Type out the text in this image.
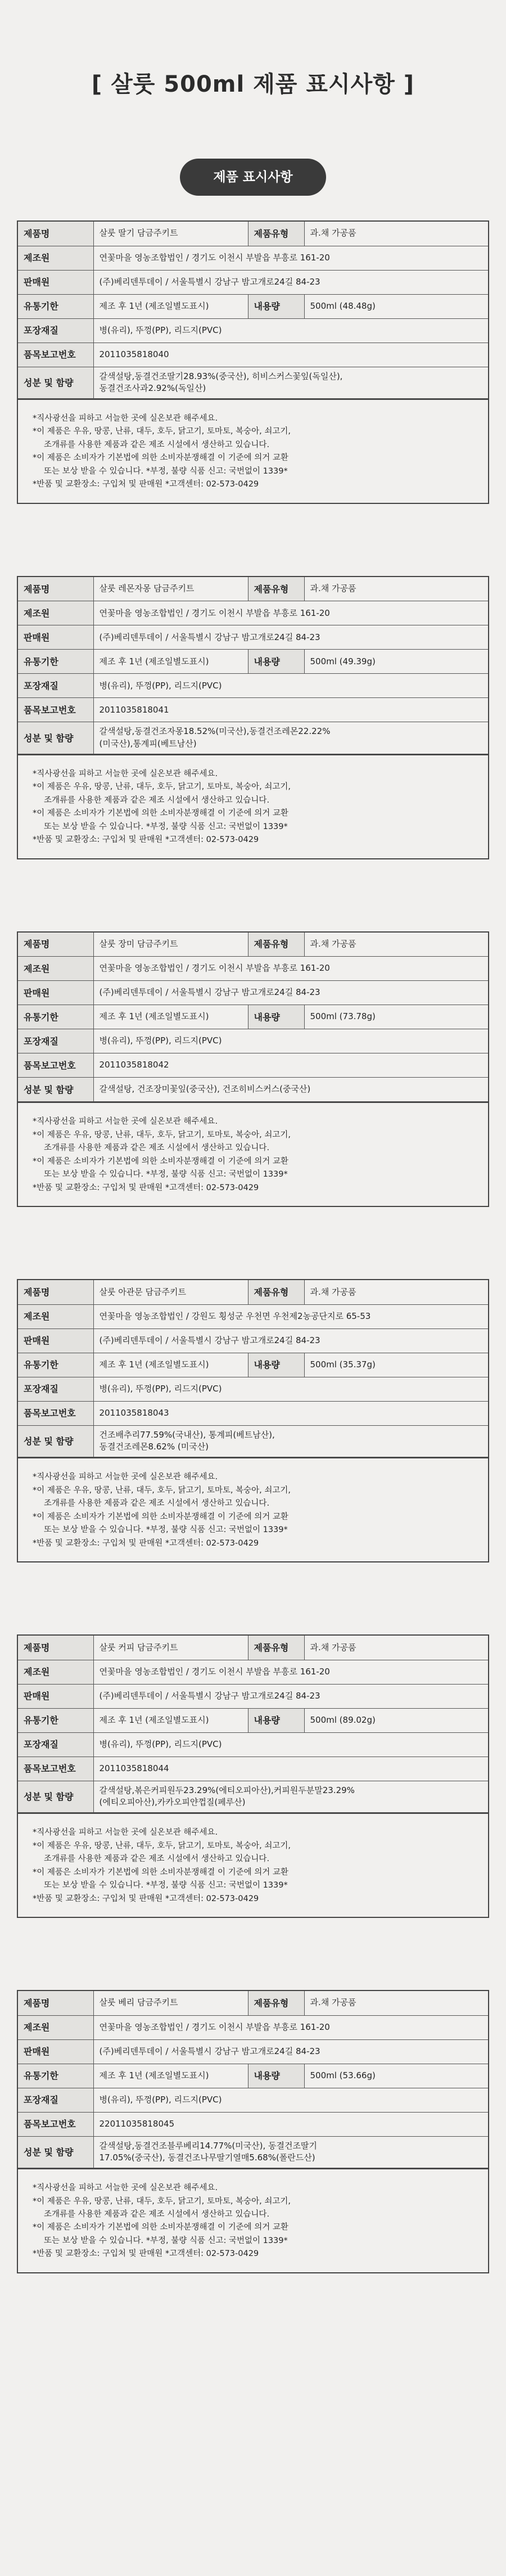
[ 살룻 500ml 제품 표시사항 ]
제품 표시사항
제품명	살룻 딸기 담금주키트	제품유형	과.채 가공품
제조원	연꽃마을 영농조합법인 / 경기도 이천시 부발읍 부흥로 161-20		
판매원	(주)베리덴투데이 / 서울특별시 강남구 밤고개로24길 84-23		
유통기한	제조 후 1년 (제조일별도표시)	내용량	500ml (48.48g)
포장재질	병(유리), 뚜껑(PP), 리드지(PVC)		
품목보고번호	2011035818040		
성분 및 함량	갈색설탕,동결건조딸기28.93%(중국산), 히비스커스꽃잎(독일산),
동결건조사과2.92%(독일산)		

*직사광선을 피하고 서늘한 곳에 실온보관 해주세요.

*이 제품은 우유, 땅콩, 난류, 대두, 호두, 닭고기, 토마토, 복숭아, 쇠고기,

조개류를 사용한 제품과 같은 제조 시설에서 생산하고 있습니다.

*이 제품은 소비자가 기본법에 의한 소비자분쟁해결 이 기준에 의거 교환

또는 보상 받을 수 있습니다. *부정, 불량 식품 신고: 국번없이 1339*

*반품 및 교환장소: 구입처 및 판매원 *고객센터: 02-573-0429

제품명	살룻 레몬자몽 담금주키트	제품유형	과.채 가공품
제조원	연꽃마을 영농조합법인 / 경기도 이천시 부발읍 부흥로 161-20		
판매원	(주)베리덴투데이 / 서울특별시 강남구 밤고개로24길 84-23		
유통기한	제조 후 1년 (제조일별도표시)	내용량	500ml (49.39g)
포장재질	병(유리), 뚜껑(PP), 리드지(PVC)		
품목보고번호	2011035818041		
성분 및 함량	갈색설탕,동결건조자몽18.52%(미국산),동결건조레몬22.22%
(미국산),통계피(베트남산)		

*직사광선을 피하고 서늘한 곳에 실온보관 해주세요.

*이 제품은 우유, 땅콩, 난류, 대두, 호두, 닭고기, 토마토, 복숭아, 쇠고기,

조개류를 사용한 제품과 같은 제조 시설에서 생산하고 있습니다.

*이 제품은 소비자가 기본법에 의한 소비자분쟁해결 이 기준에 의거 교환

또는 보상 받을 수 있습니다. *부정, 불량 식품 신고: 국번없이 1339*

*반품 및 교환장소: 구입처 및 판매원 *고객센터: 02-573-0429

제품명	살룻 장미 담금주키트	제품유형	과.채 가공품
제조원	연꽃마을 영농조합법인 / 경기도 이천시 부발읍 부흥로 161-20		
판매원	(주)베리덴투데이 / 서울특별시 강남구 밤고개로24길 84-23		
유통기한	제조 후 1년 (제조일별도표시)	내용량	500ml (73.78g)
포장재질	병(유리), 뚜껑(PP), 리드지(PVC)		
품목보고번호	2011035818042		
성분 및 함량	갈색설탕, 건조장미꽃잎(중국산), 건조히비스커스(중국산)		

*직사광선을 피하고 서늘한 곳에 실온보관 해주세요.

*이 제품은 우유, 땅콩, 난류, 대두, 호두, 닭고기, 토마토, 복숭아, 쇠고기,

조개류를 사용한 제품과 같은 제조 시설에서 생산하고 있습니다.

*이 제품은 소비자가 기본법에 의한 소비자분쟁해결 이 기준에 의거 교환

또는 보상 받을 수 있습니다. *부정, 불량 식품 신고: 국번없이 1339*

*반품 및 교환장소: 구입처 및 판매원 *고객센터: 02-573-0429

제품명	살룻 아관문 담금주키트	제품유형	과.채 가공품
제조원	연꽃마을 영농조합법인 / 강원도 횡성군 우천면 우천제2농공단지로 65-53		
판매원	(주)베리덴투데이 / 서울특별시 강남구 밤고개로24길 84-23		
유통기한	제조 후 1년 (제조일별도표시)	내용량	500ml (35.37g)
포장재질	병(유리), 뚜껑(PP), 리드지(PVC)		
품목보고번호	2011035818043		
성분 및 함량	건조배추리77.59%(국내산), 통계피(베트남산),
동결건조레몬8.62% (미국산)		

*직사광선을 피하고 서늘한 곳에 실온보관 해주세요.

*이 제품은 우유, 땅콩, 난류, 대두, 호두, 닭고기, 토마토, 복숭아, 쇠고기,

조개류를 사용한 제품과 같은 제조 시설에서 생산하고 있습니다.

*이 제품은 소비자가 기본법에 의한 소비자분쟁해결 이 기준에 의거 교환

또는 보상 받을 수 있습니다. *부정, 불량 식품 신고: 국번없이 1339*

*반품 및 교환장소: 구입처 및 판매원 *고객센터: 02-573-0429

제품명	살룻 커피 담금주키트	제품유형	과.채 가공품
제조원	연꽃마을 영농조합법인 / 경기도 이천시 부발읍 부흥로 161-20		
판매원	(주)베리덴투데이 / 서울특별시 강남구 밤고개로24길 84-23		
유통기한	제조 후 1년 (제조일별도표시)	내용량	500ml (89.02g)
포장재질	병(유리), 뚜껑(PP), 리드지(PVC)		
품목보고번호	2011035818044		
성분 및 함량	갈색설탕,볶은커피원두23.29%(에티오피아산),커피원두분말23.29%
(에티오피아산),카카오피얀껍질(페루산)		

*직사광선을 피하고 서늘한 곳에 실온보관 해주세요.

*이 제품은 우유, 땅콩, 난류, 대두, 호두, 닭고기, 토마토, 복숭아, 쇠고기,

조개류를 사용한 제품과 같은 제조 시설에서 생산하고 있습니다.

*이 제품은 소비자가 기본법에 의한 소비자분쟁해결 이 기준에 의거 교환

또는 보상 받을 수 있습니다. *부정, 불량 식품 신고: 국번없이 1339*

*반품 및 교환장소: 구입처 및 판매원 *고객센터: 02-573-0429

제품명	살룻 베리 담금주키트	제품유형	과.채 가공품
제조원	연꽃마을 영농조합법인 / 경기도 이천시 부발읍 부흥로 161-20		
판매원	(주)베리덴투데이 / 서울특별시 강남구 밤고개로24길 84-23		
유통기한	제조 후 1년 (제조일별도표시)	내용량	500ml (53.66g)
포장재질	병(유리), 뚜껑(PP), 리드지(PVC)		
품목보고번호	22011035818045		
성분 및 함량	갈색설탕,동결건조블루베리14.77%(미국산), 동결건조딸기
17.05%(중국산), 동결건조나무딸기열매5.68%(폴란드산)		

*직사광선을 피하고 서늘한 곳에 실온보관 해주세요.

*이 제품은 우유, 땅콩, 난류, 대두, 호두, 닭고기, 토마토, 복숭아, 쇠고기,

조개류를 사용한 제품과 같은 제조 시설에서 생산하고 있습니다.

*이 제품은 소비자가 기본법에 의한 소비자분쟁해결 이 기준에 의거 교환

또는 보상 받을 수 있습니다. *부정, 불량 식품 신고: 국번없이 1339*

*반품 및 교환장소: 구입처 및 판매원 *고객센터: 02-573-0429
